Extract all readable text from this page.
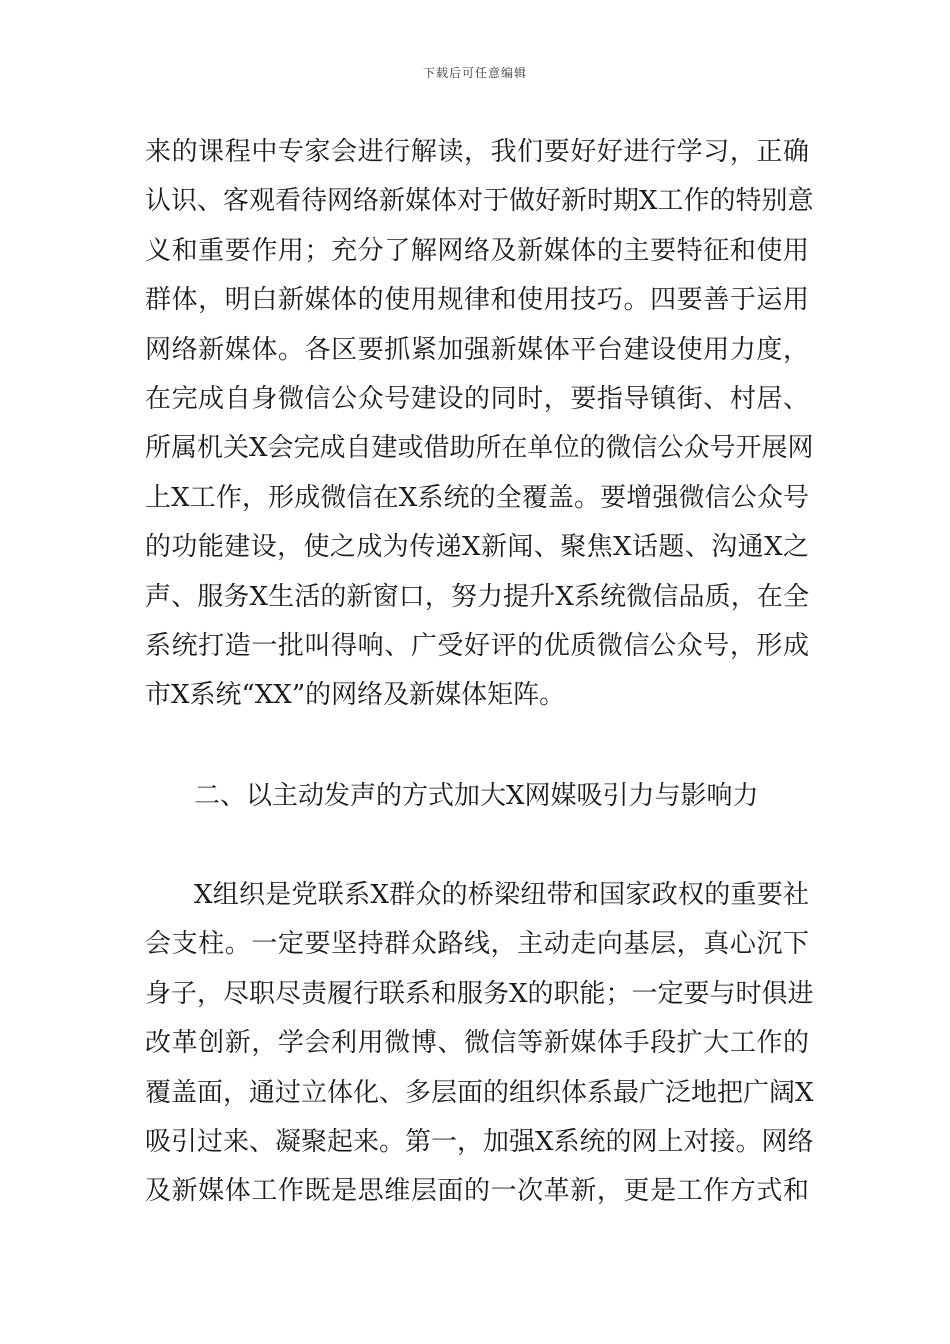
下载后可任意编辑
来的课程中专家会进行解读，我们要好好进行学习，正确
认识、客观看待网络新媒体对于做好新时期X工作的特别意
义和重要作用；充分了解网络及新媒体的主要特征和使用
群体，明白新媒体的使用规律和使用技巧。四要善于运用
网络新媒体。各区要抓紧加强新媒体平台建设使用力度，
在完成自身微信公众号建设的同时，要指导镇街、村居、
所属机关X会完成自建或借助所在单位的微信公众号开展网
上X工作，形成微信在X系统的全覆盖。要增强微信公众号
的功能建设，使之成为传递X新闻、聚焦X话题、沟通X之
声、服务X生活的新窗口，努力提升X系统微信品质，在全
系统打造一批叫得响、广受好评的优质微信公众号，形成
市X系统“XX”的网络及新媒体矩阵。
二、以主动发声的方式加大X网媒吸引力与影响力
X组织是党联系X群众的桥梁纽带和国家政权的重要社
会支柱。一定要坚持群众路线，主动走向基层，真心沉下
身子，尽职尽责履行联系和服务X的职能；一定要与时俱进
改革创新，学会利用微博、微信等新媒体手段扩大工作的
覆盖面，通过立体化、多层面的组织体系最广泛地把广阔X
吸引过来、凝聚起来。第一，加强X系统的网上对接。网络
及新媒体工作既是思维层面的一次革新，更是工作方式和
